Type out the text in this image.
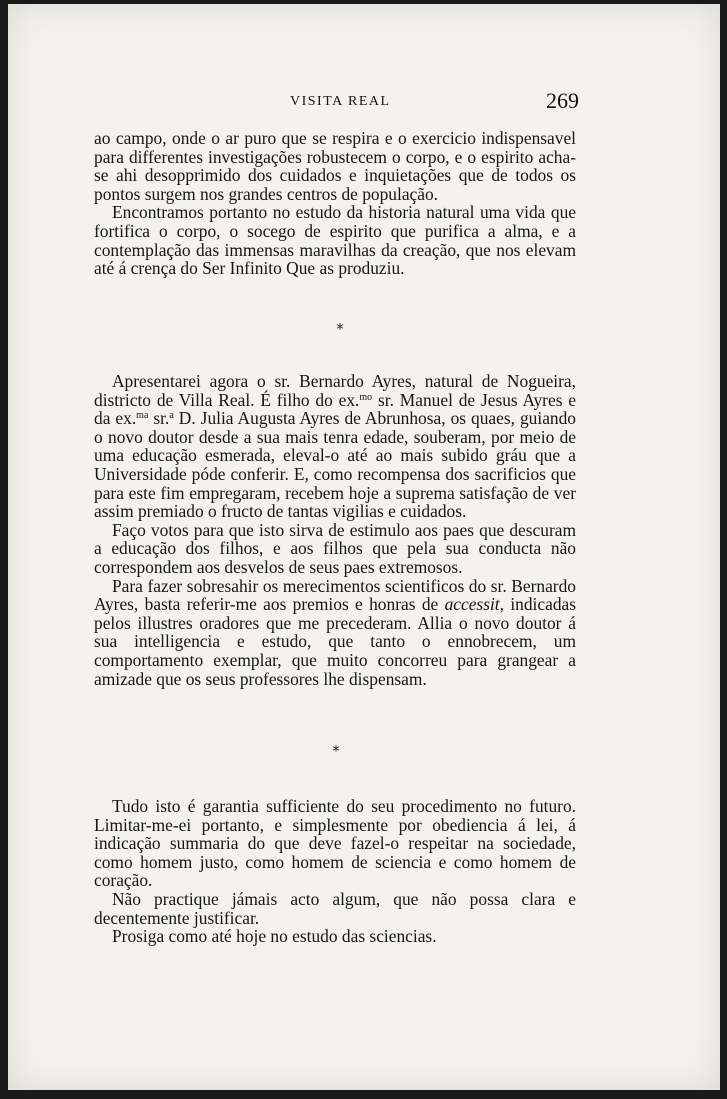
VISITA REAL	269

ao campo, onde o ar puro que se respira e o exercicio indispensavel para differentes investigações robustecem o corpo, e o espirito acha-se ahi desopprimido dos cuidados e inquietações que de todos os pontos surgem nos grandes centros de população.

Encontramos portanto no estudo da historia natural uma vida que fortifica o corpo, o socego de espirito que purifica a alma, e a contemplação das immensas maravilhas da creação, que nos elevam até á crença do Ser Infinito Que as produziu.

*

Apresentarei agora o sr. Bernardo Ayres, natural de Nogueira, districto de Villa Real. É filho do ex.$^{mo}$ sr. Manuel de Jesus Ayres e da ex.$^{ma}$ sr.$^a$ D. Julia Augusta Ayres de Abrunhosa, os quaes, guiando o novo doutor desde a sua mais tenra edade, souberam, por meio de uma educação esmerada, eleval-o até ao mais subido gráu que a Universidade póde conferir. E, como recompensa dos sacrificios que para este fim empregaram, recebem hoje a suprema satisfação de ver assim premiado o fructo de tantas vigilias e cuidados.

Faço votos para que isto sirva de estimulo aos paes que descuram a educação dos filhos, e aos filhos que pela sua conducta não correspondem aos desvelos de seus paes extremosos.

Para fazer sobresahir os merecimentos scientificos do sr. Bernardo Ayres, basta referir-me aos premios e honras de accessit, indicadas pelos illustres oradores que me precederam. Allia o novo doutor á sua intelligencia e estudo, que tanto o ennobrecem, um comportamento exemplar, que muito concorreu para grangear a amizade que os seus professores lhe dispensam.

*

Tudo isto é garantia sufficiente do seu procedimento no futuro. Limitar-me-ei portanto, e simplesmente por obediencia á lei, á indicação summaria do que deve fazel-o respeitar na sociedade, como homem justo, como homem de sciencia e como homem de coração.

Não practique jámais acto algum, que não possa clara e decentemente justificar.

Prosiga como até hoje no estudo das sciencias.
